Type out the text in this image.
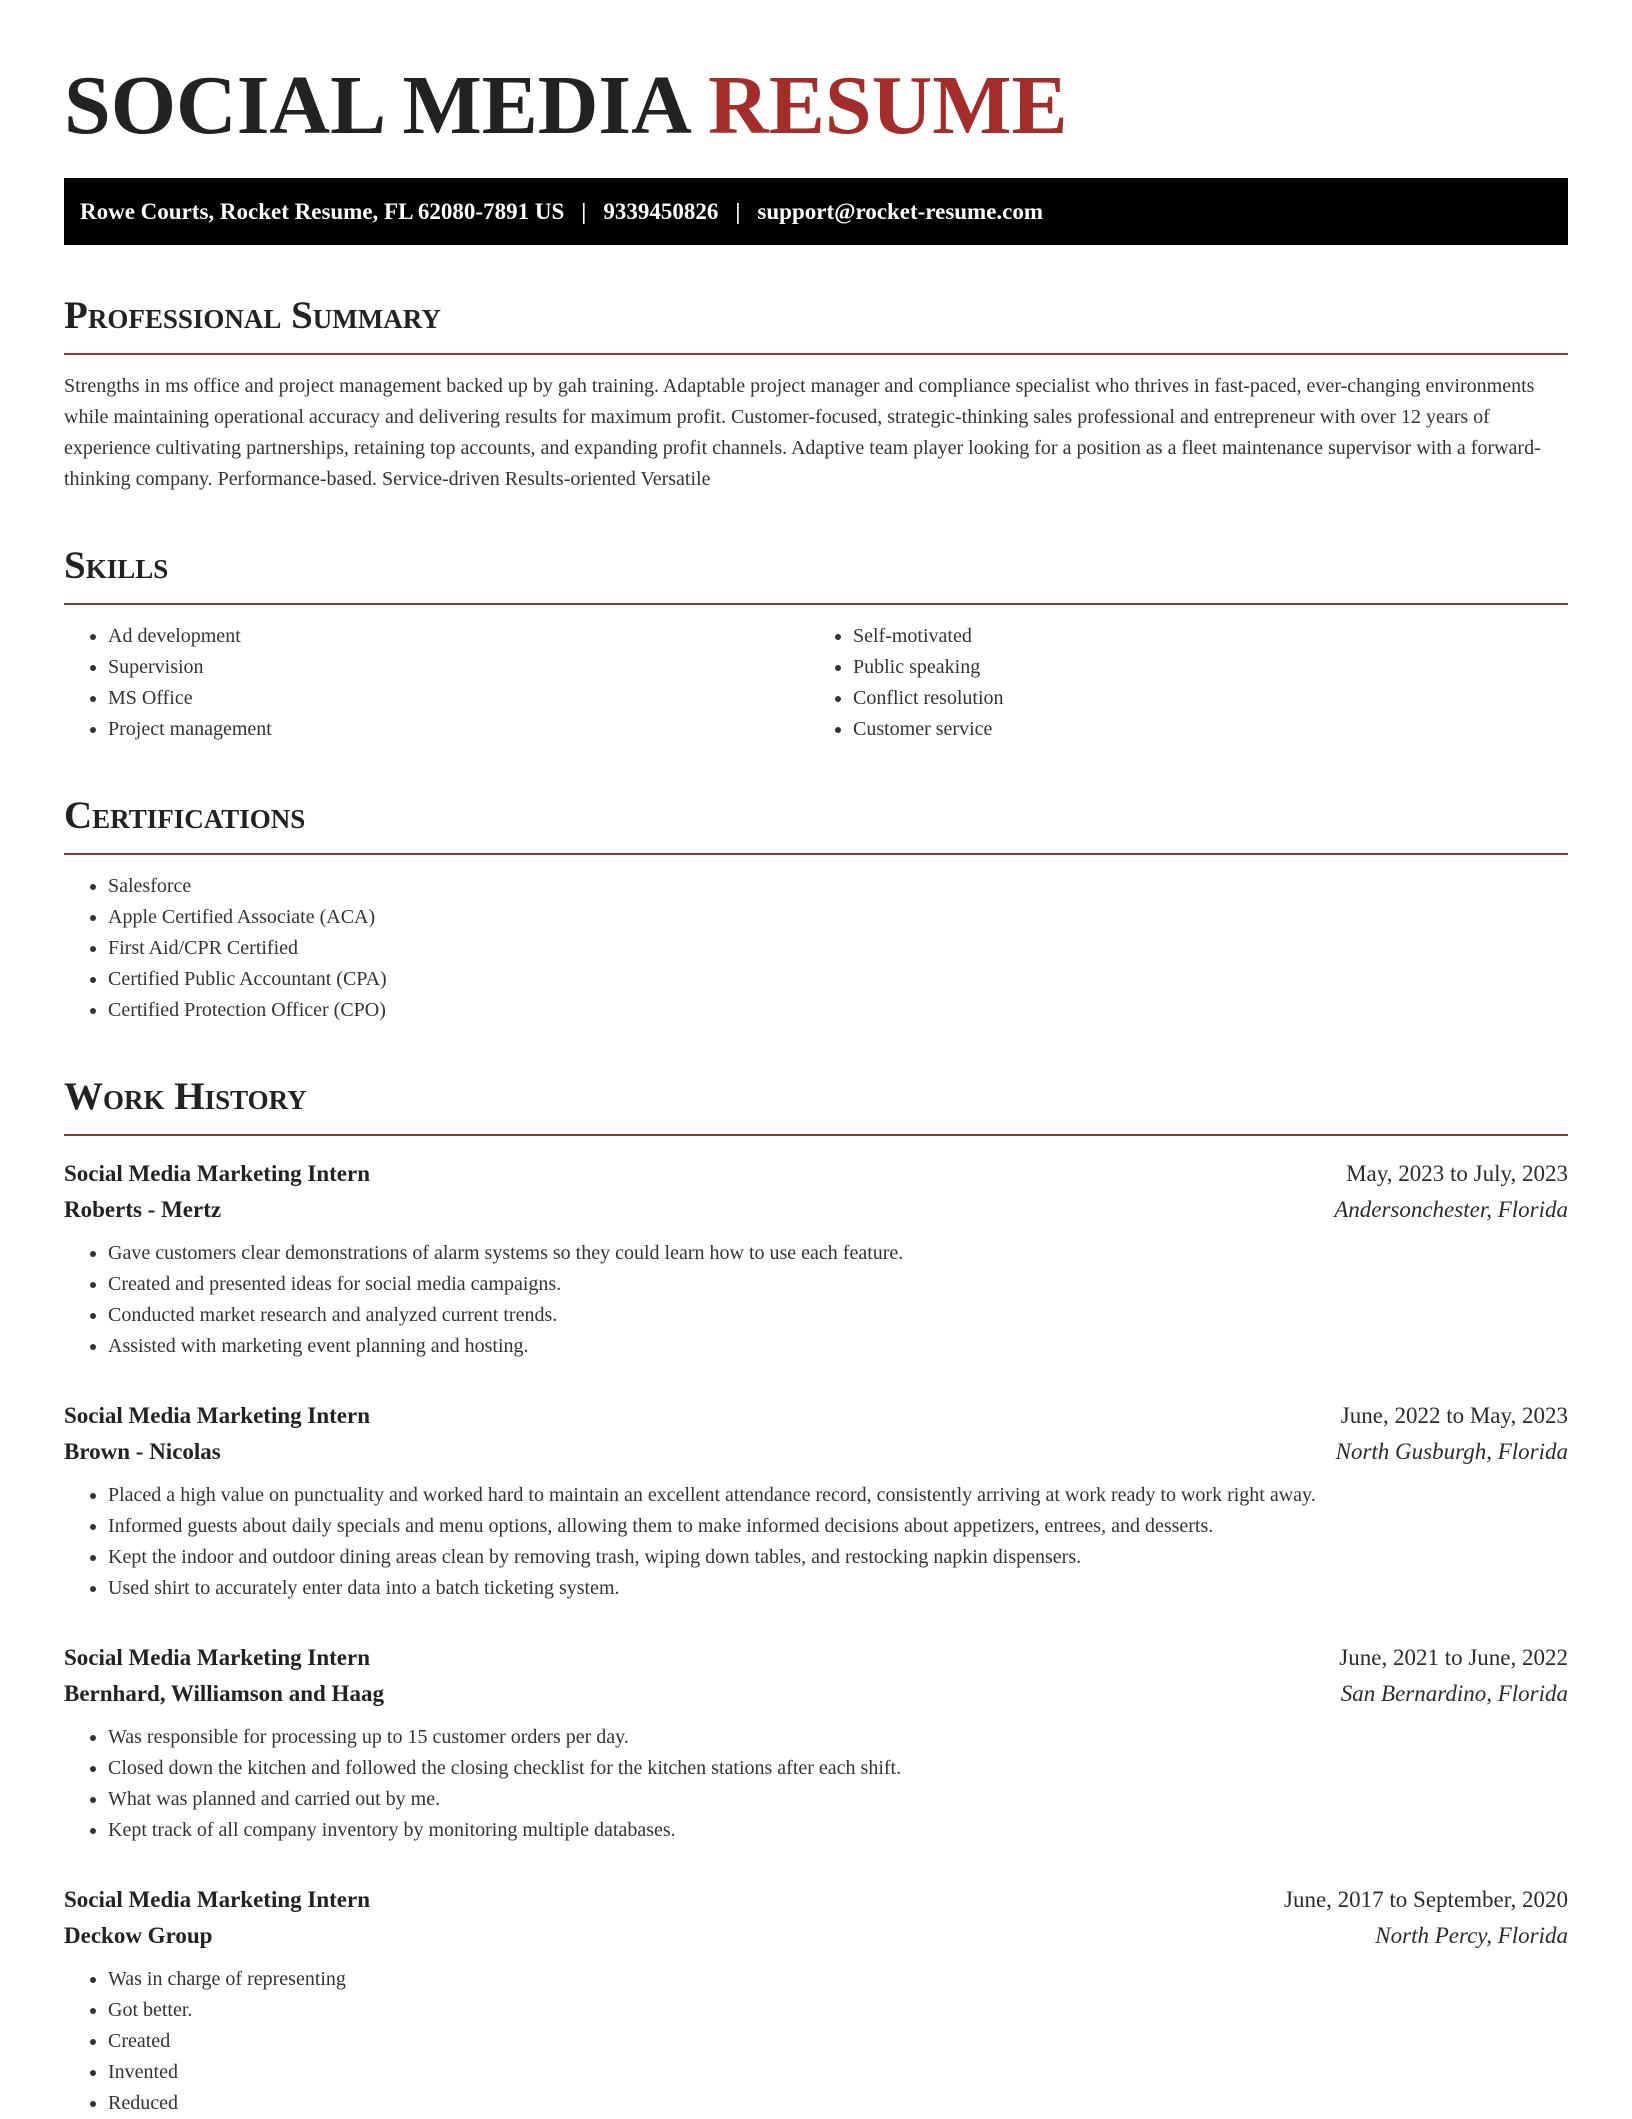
SOCIAL MEDIA RESUME
Rowe Courts, Rocket Resume, FL 62080-7891 US | 9339450826 | support@rocket-resume.com
Professional Summary

Strengths in ms office and project management backed up by gah training. Adaptable project manager and compliance specialist who thrives in fast-paced, ever-changing environments while maintaining operational accuracy and delivering results for maximum profit. Customer-focused, strategic-thinking sales professional and entrepreneur with over 12 years of experience cultivating partnerships, retaining top accounts, and expanding profit channels. Adaptive team player looking for a position as a fleet maintenance supervisor with a forward-thinking company. Performance-based. Service-driven Results-oriented Versatile

Skills
• Ad development
• Supervision
• MS Office
• Project management
• Self-motivated
• Public speaking
• Conflict resolution
• Customer service
Certifications
• Salesforce
• Apple Certified Associate (ACA)
• First Aid/CPR Certified
• Certified Public Accountant (CPA)
• Certified Protection Officer (CPO)
Work History
Social Media Marketing Intern	May, 2023 to July, 2023
Roberts - Mertz	Andersonchester, Florida
• Gave customers clear demonstrations of alarm systems so they could learn how to use each feature.
• Created and presented ideas for social media campaigns.
• Conducted market research and analyzed current trends.
• Assisted with marketing event planning and hosting.
Social Media Marketing Intern	June, 2022 to May, 2023
Brown - Nicolas	North Gusburgh, Florida
• Placed a high value on punctuality and worked hard to maintain an excellent attendance record, consistently arriving at work ready to work right away.
• Informed guests about daily specials and menu options, allowing them to make informed decisions about appetizers, entrees, and desserts.
• Kept the indoor and outdoor dining areas clean by removing trash, wiping down tables, and restocking napkin dispensers.
• Used shirt to accurately enter data into a batch ticketing system.
Social Media Marketing Intern	June, 2021 to June, 2022
Bernhard, Williamson and Haag	San Bernardino, Florida
• Was responsible for processing up to 15 customer orders per day.
• Closed down the kitchen and followed the closing checklist for the kitchen stations after each shift.
• What was planned and carried out by me.
• Kept track of all company inventory by monitoring multiple databases.
Social Media Marketing Intern	June, 2017 to September, 2020
Deckow Group	North Percy, Florida
• Was in charge of representing
• Got better.
• Created
• Invented
• Reduced
